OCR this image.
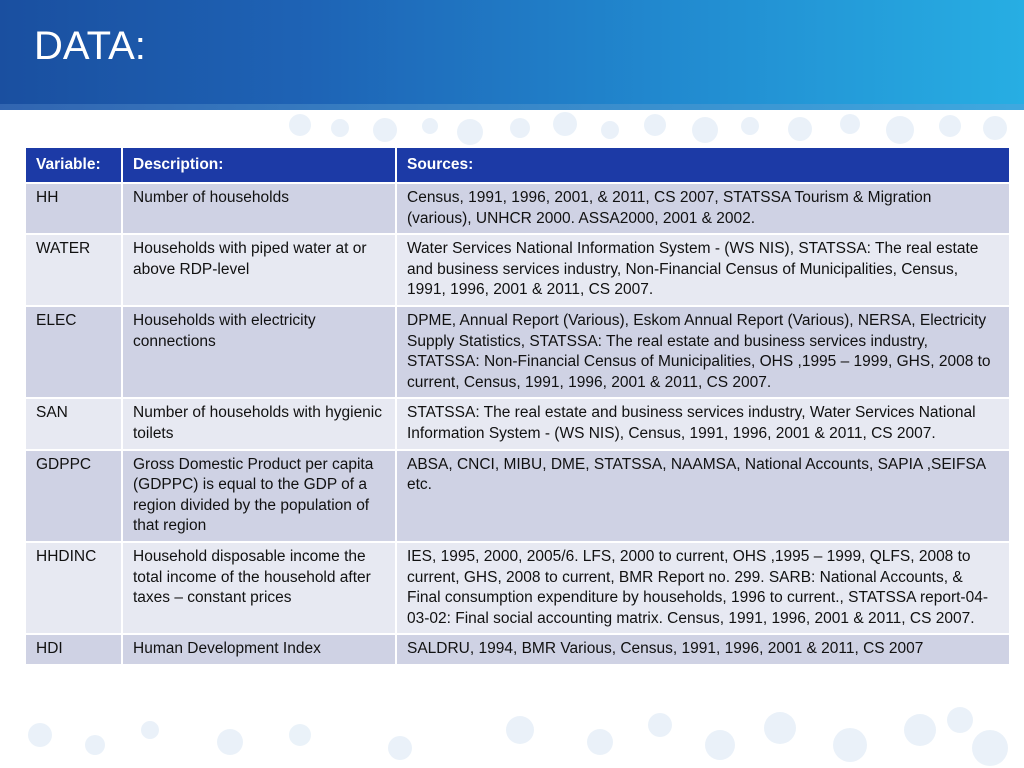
DATA:
Variable:	Description:	Sources:
HH	Number of households	Census, 1991, 1996, 2001, & 2011, CS 2007, STATSSA Tourism & Migration (various), UNHCR 2000. ASSA2000, 2001 & 2002.
WATER	Households with piped water at or above RDP-level	Water Services National Information System - (WS NIS), STATSSA: The real estate and business services industry, Non-Financial Census of Municipalities, Census, 1991, 1996, 2001 & 2011, CS 2007.
ELEC	Households with electricity connections	DPME, Annual Report (Various), Eskom Annual Report (Various), NERSA, Electricity Supply Statistics, STATSSA: The real estate and business services industry, STATSSA: Non-Financial Census of Municipalities, OHS ,1995 – 1999, GHS, 2008 to current, Census, 1991, 1996, 2001 & 2011, CS 2007.
SAN	Number of households with hygienic toilets	STATSSA: The real estate and business services industry, Water Services National Information System - (WS NIS), Census, 1991, 1996, 2001 & 2011, CS 2007.
GDPPC	Gross Domestic Product per capita (GDPPC) is equal to the GDP of a region divided by the population of that region	ABSA, CNCI, MIBU, DME, STATSSA, NAAMSA, National Accounts, SAPIA ,SEIFSA etc.
HHDINC	Household disposable income the total income of the household after taxes – constant prices	IES, 1995, 2000, 2005/6. LFS, 2000 to current, OHS ,1995 – 1999, QLFS, 2008 to current, GHS, 2008 to current, BMR Report no. 299. SARB: National Accounts, & Final consumption expenditure by households, 1996 to current., STATSSA report-04-03-02: Final social accounting matrix. Census, 1991, 1996, 2001 & 2011, CS 2007.
HDI	Human Development Index	SALDRU, 1994, BMR Various, Census, 1991, 1996, 2001 & 2011, CS 2007
